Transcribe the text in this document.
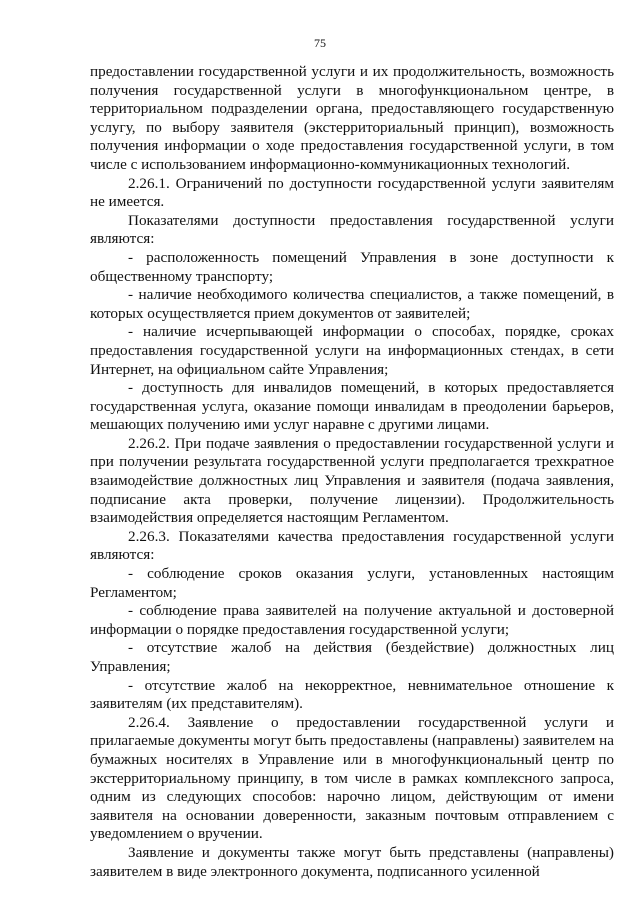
75

предоставлении государственной услуги и их продолжительность, возможность получения государственной услуги в многофункциональном центре, в территориальном подразделении органа, предоставляющего государственную услугу, по выбору заявителя (экстерриториальный принцип), возможность получения информации о ходе предоставления государственной услуги, в том числе с использованием информационно-коммуникационных технологий.

2.26.1. Ограничений по доступности государственной услуги заявителям не имеется.

Показателями доступности предоставления государственной услуги являются:

- расположенность помещений Управления в зоне доступности к общественному транспорту;

- наличие необходимого количества специалистов, а также помещений, в которых осуществляется прием документов от заявителей;

- наличие исчерпывающей информации о способах, порядке, сроках предоставления государственной услуги на информационных стендах, в сети Интернет, на официальном сайте Управления;

- доступность для инвалидов помещений, в которых предоставляется государственная услуга, оказание помощи инвалидам в преодолении барьеров, мешающих получению ими услуг наравне с другими лицами.

2.26.2. При подаче заявления о предоставлении государственной услуги и при получении результата государственной услуги предполагается трехкратное взаимодействие должностных лиц Управления и заявителя (подача заявления, подписание акта проверки, получение лицензии). Продолжительность взаимодействия определяется настоящим Регламентом.

2.26.3. Показателями качества предоставления государственной услуги являются:

- соблюдение сроков оказания услуги, установленных настоящим Регламентом;

- соблюдение права заявителей на получение актуальной и достоверной информации о порядке предоставления государственной услуги;

- отсутствие жалоб на действия (бездействие) должностных лиц Управления;

- отсутствие жалоб на некорректное, невнимательное отношение к заявителям (их представителям).

2.26.4. Заявление о предоставлении государственной услуги и прилагаемые документы могут быть предоставлены (направлены) заявителем на бумажных носителях в Управление или в многофункциональный центр по экстерриториальному принципу, в том числе в рамках комплексного запроса, одним из следующих способов: нарочно лицом, действующим от имени заявителя на основании доверенности, заказным почтовым отправлением с уведомлением о вручении.

Заявление и документы также могут быть представлены (направлены) заявителем в виде электронного документа, подписанного усиленной
